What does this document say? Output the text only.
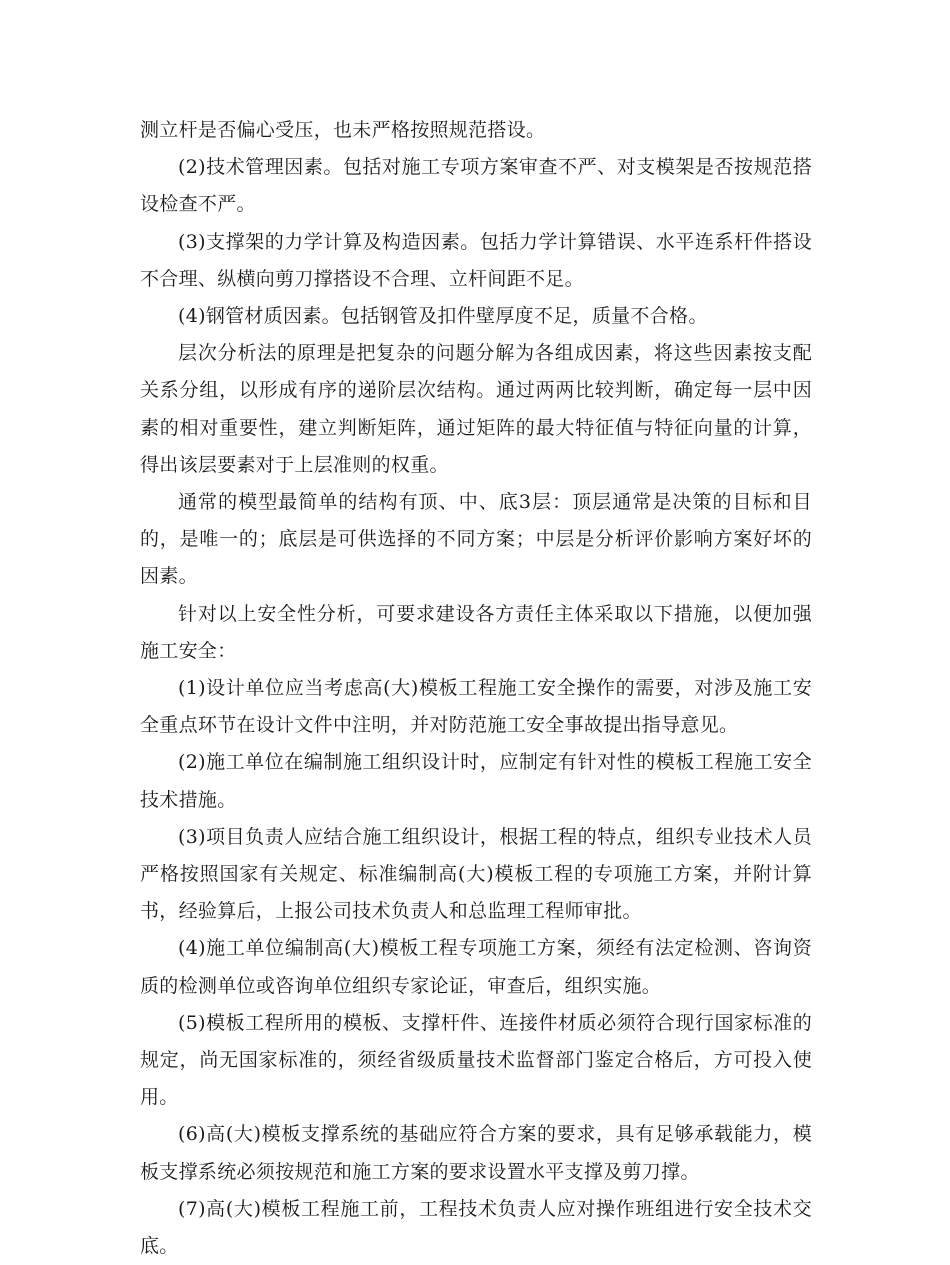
测立杆是否偏心受压，也未严格按照规范搭设。

(2)技术管理因素。包括对施工专项方案审查不严、对支模架是否按规范搭设检查不严。

(3)支撑架的力学计算及构造因素。包括力学计算错误、水平连系杆件搭设不合理、纵横向剪刀撑搭设不合理、立杆间距不足。

(4)钢管材质因素。包括钢管及扣件壁厚度不足，质量不合格。

层次分析法的原理是把复杂的问题分解为各组成因素，将这些因素按支配关系分组，以形成有序的递阶层次结构。通过两两比较判断，确定每一层中因素的相对重要性，建立判断矩阵，通过矩阵的最大特征值与特征向量的计算，得出该层要素对于上层准则的权重。

通常的模型最简单的结构有顶、中、底3层：顶层通常是决策的目标和目的，是唯一的；底层是可供选择的不同方案；中层是分析评价影响方案好坏的因素。

针对以上安全性分析，可要求建设各方责任主体采取以下措施，以便加强施工安全：

(1)设计单位应当考虑高(大)模板工程施工安全操作的需要，对涉及施工安全重点环节在设计文件中注明，并对防范施工安全事故提出指导意见。

(2)施工单位在编制施工组织设计时，应制定有针对性的模板工程施工安全技术措施。

(3)项目负责人应结合施工组织设计，根据工程的特点，组织专业技术人员严格按照国家有关规定、标准编制高(大)模板工程的专项施工方案，并附计算书，经验算后，上报公司技术负责人和总监理工程师审批。

(4)施工单位编制高(大)模板工程专项施工方案，须经有法定检测、咨询资质的检测单位或咨询单位组织专家论证，审查后，组织实施。

(5)模板工程所用的模板、支撑杆件、连接件材质必须符合现行国家标准的规定，尚无国家标准的，须经省级质量技术监督部门鉴定合格后，方可投入使用。

(6)高(大)模板支撑系统的基础应符合方案的要求，具有足够承载能力，模板支撑系统必须按规范和施工方案的要求设置水平支撑及剪刀撑。

(7)高(大)模板工程施工前，工程技术负责人应对操作班组进行安全技术交底。
